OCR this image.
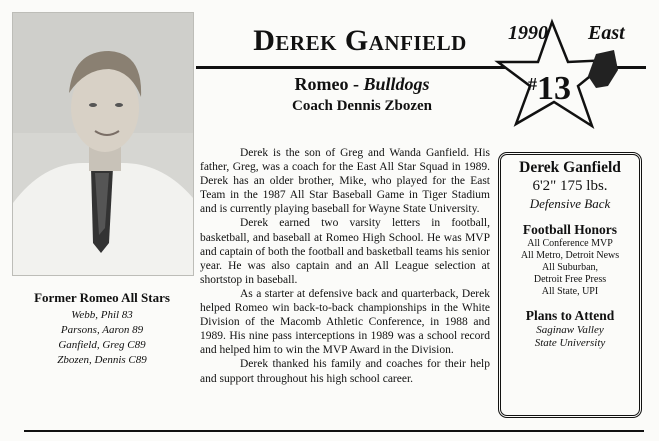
Former Romeo All Stars
Webb, Phil 83
Parsons, Aaron 89
Ganfield, Greg C89
Zbozen, Dennis C89
Derek Ganfield
Romeo - Bulldogs
Coach Dennis Zbozen
1990 East
#13

Derek is the son of Greg and Wanda Ganfield. His father, Greg, was a coach for the East All Star Squad in 1989. Derek has an older brother, Mike, who played for the East Team in the 1987 All Star Baseball Game in Tiger Stadium and is currently playing baseball for Wayne State University.

Derek earned two varsity letters in football, basketball, and baseball at Romeo High School. He was MVP and captain of both the football and basketball teams his senior year. He was also captain and an All League selection at shortstop in baseball.

As a starter at defensive back and quarterback, Derek helped Romeo win back-to-back championships in the White Division of the Macomb Athletic Conference, in 1988 and 1989. His nine pass interceptions in 1989 was a school record and helped him to win the MVP Award in the Division.

Derek thanked his family and coaches for their help and support throughout his high school career.

Derek Ganfield
6'2" 175 lbs.
Defensive Back
Football Honors
All Conference MVP
All Metro, Detroit News
All Suburban,
Detroit Free Press
All State, UPI
Plans to Attend
Saginaw Valley
State University
